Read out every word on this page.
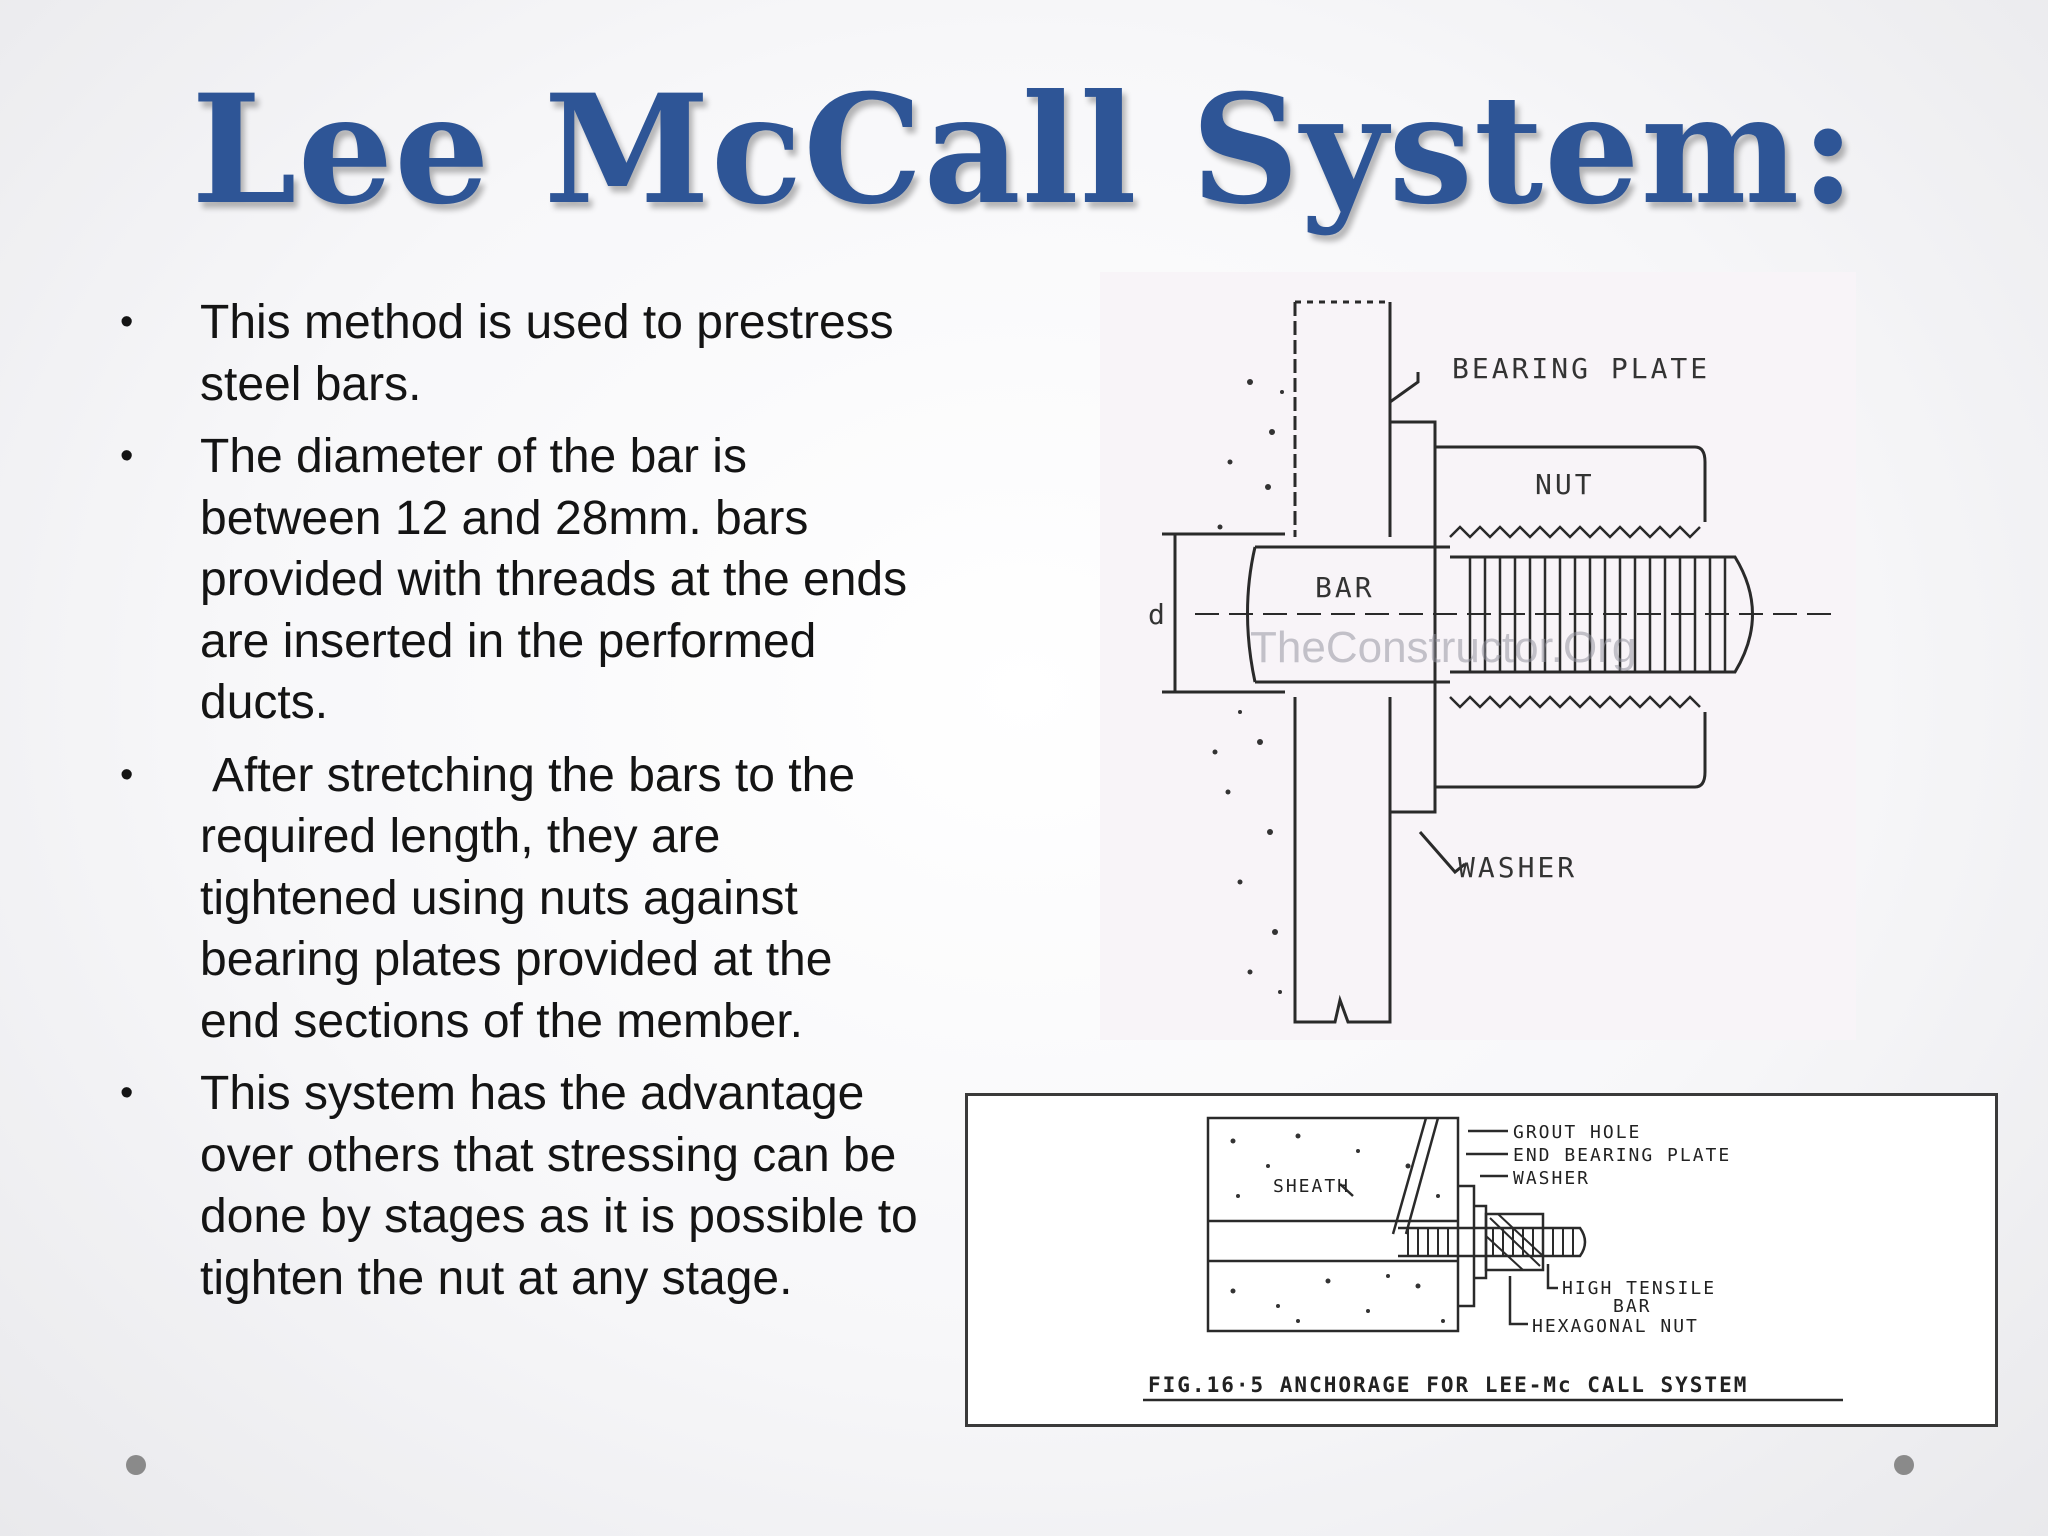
Lee McCall System:
•	This method is used to prestress steel bars.
•	The diameter of the bar is between 12 and 28mm. bars provided with threads at the ends are inserted in the performed ducts.
•	After stretching the bars to the required length, they are tightened using nuts against bearing plates provided at the end sections of the member.
•	This system has the advantage over others that stressing can be done by stages as it is possible to tighten the nut at any stage.
BEARING PLATE
NUT
BAR
d
WASHER
TheConstructor.Org
GROUT HOLE
END BEARING PLATE
WASHER
SHEATH
HIGH TENSILE
BAR
HEXAGONAL NUT
FIG.16·5 ANCHORAGE FOR LEE-Mc CALL SYSTEM
